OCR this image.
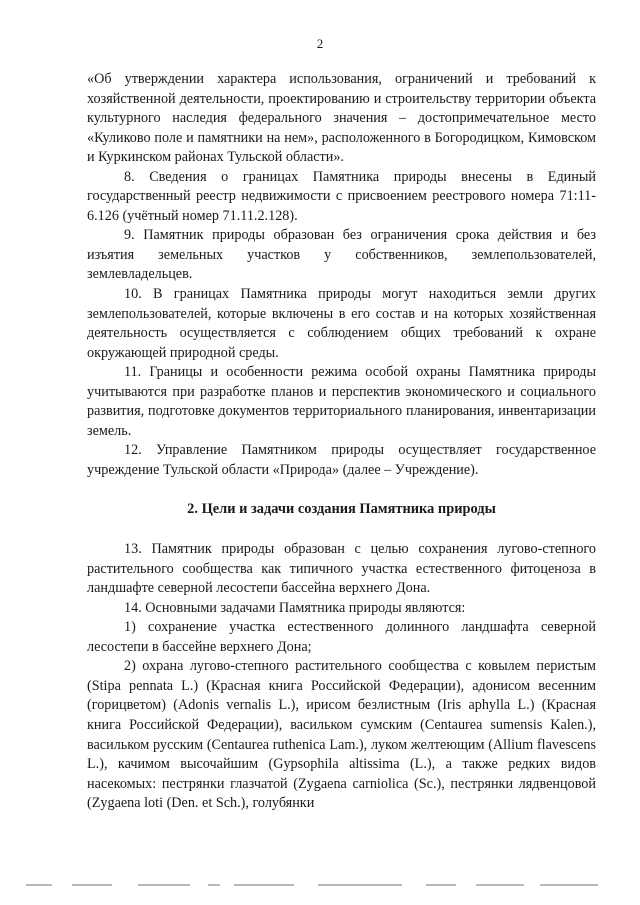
2

«Об утверждении характера использования, ограничений и требований к хозяйственной деятельности, проектированию и строительству территории объекта культурного наследия федерального значения – достопримечательное место «Куликово поле и памятники на нем», расположенного в Богородицком, Кимовском и Куркинском районах Тульской области».

8. Сведения о границах Памятника природы внесены в Единый государственный реестр недвижимости с присвоением реестрового номера 71:11-6.126 (учётный номер 71.11.2.128).

9. Памятник природы образован без ограничения срока действия и без изъятия земельных участков у собственников, землепользователей, землевладельцев.

10. В границах Памятника природы могут находиться земли других землепользователей, которые включены в его состав и на которых хозяйственная деятельность осуществляется с соблюдением общих требований к охране окружающей природной среды.

11. Границы и особенности режима особой охраны Памятника природы учитываются при разработке планов и перспектив экономического и социального развития, подготовке документов территориального планирования, инвентаризации земель.

12. Управление Памятником природы осуществляет государственное учреждение Тульской области «Природа» (далее – Учреждение).

2. Цели и задачи создания Памятника природы

13. Памятник природы образован с целью сохранения лугово-степного растительного сообщества как типичного участка естественного фитоценоза в ландшафте северной лесостепи бассейна верхнего Дона.

14. Основными задачами Памятника природы являются:

1) сохранение участка естественного долинного ландшафта северной лесостепи в бассейне верхнего Дона;

2) охрана лугово-степного растительного сообщества с ковылем перистым (Stipa pennata L.) (Красная книга Российской Федерации), адонисом весенним (горицветом) (Adonis vernalis L.), ирисом безлистным (Iris aphylla L.) (Красная книга Российской Федерации), васильком сумским (Centaurea sumensis Kalen.), васильком русским (Centaurea ruthenica Lam.), луком желтеющим (Allium flavescens L.), качимом высочайшим (Gypsophila altissima (L.), а также редких видов насекомых: пестрянки глазчатой (Zygaena carniolica (Sc.), пестрянки лядвенцовой (Zygaena loti (Den. et Sch.), голубянки
